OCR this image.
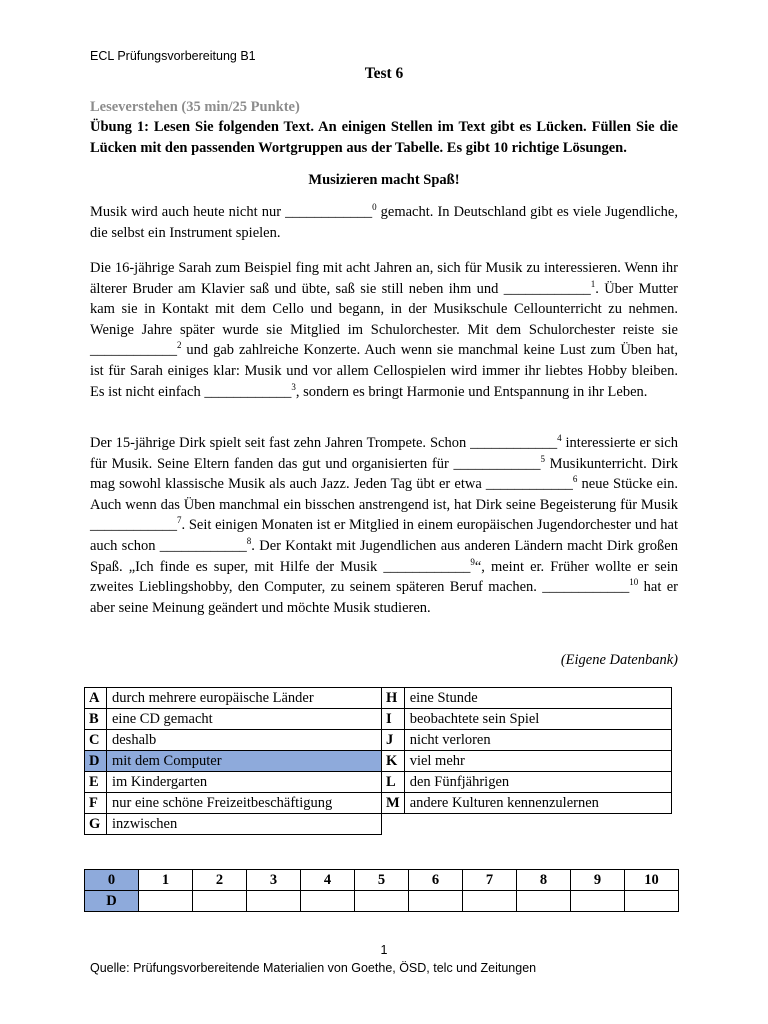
ECL Prüfungsvorbereitung B1
Test 6
Leseverstehen (35 min/25 Punkte)
Übung 1: Lesen Sie folgenden Text. An einigen Stellen im Text gibt es Lücken. Füllen Sie die Lücken mit den passenden Wortgruppen aus der Tabelle. Es gibt 10 richtige Lösungen.
Musizieren macht Spaß!
Musik wird auch heute nicht nur ____________$^0$ gemacht. In Deutschland gibt es viele Jugendliche, die selbst ein Instrument spielen.
Die 16-jährige Sarah zum Beispiel fing mit acht Jahren an, sich für Musik zu interessieren. Wenn ihr älterer Bruder am Klavier saß und übte, saß sie still neben ihm und ____________$^1$. Über Mutter kam sie in Kontakt mit dem Cello und begann, in der Musikschule Cellounterricht zu nehmen. Wenige Jahre später wurde sie Mitglied im Schulorchester. Mit dem Schulorchester reiste sie ____________$^2$ und gab zahlreiche Konzerte. Auch wenn sie manchmal keine Lust zum Üben hat, ist für Sarah einiges klar: Musik und vor allem Cellospielen wird immer ihr liebtes Hobby bleiben. Es ist nicht einfach ____________$^3$, sondern es bringt Harmonie und Entspannung in ihr Leben.
Der 15-jährige Dirk spielt seit fast zehn Jahren Trompete. Schon ____________$^4$ interessierte er sich für Musik. Seine Eltern fanden das gut und organisierten für ____________$^5$ Musikunterricht. Dirk mag sowohl klassische Musik als auch Jazz. Jeden Tag übt er etwa ____________$^6$ neue Stücke ein. Auch wenn das Üben manchmal ein bisschen anstrengend ist, hat Dirk seine Begeisterung für Musik ____________$^7$. Seit einigen Monaten ist er Mitglied in einem europäischen Jugendorchester und hat auch schon ____________$^8$. Der Kontakt mit Jugendlichen aus anderen Ländern macht Dirk großen Spaß. „Ich finde es super, mit Hilfe der Musik ____________$^9$“, meint er. Früher wollte er sein zweites Lieblingshobby, den Computer, zu seinem späteren Beruf machen. ____________$^{10}$ hat er aber seine Meinung geändert und möchte Musik studieren.
(Eigene Datenbank)
A	durch mehrere europäische Länder	H	eine Stunde
B	eine CD gemacht	I	beobachtete sein Spiel
C	deshalb	J	nicht verloren
D	mit dem Computer	K	viel mehr
E	im Kindergarten	L	den Fünfjährigen
F	nur eine schöne Freizeitbeschäftigung	M	andere Kulturen kennenzulernen
G	inzwischen		
0	1	2	3	4	5	6	7	8	9	10
D										
1
Quelle: Prüfungsvorbereitende Materialien von Goethe, ÖSD, telc und Zeitungen
